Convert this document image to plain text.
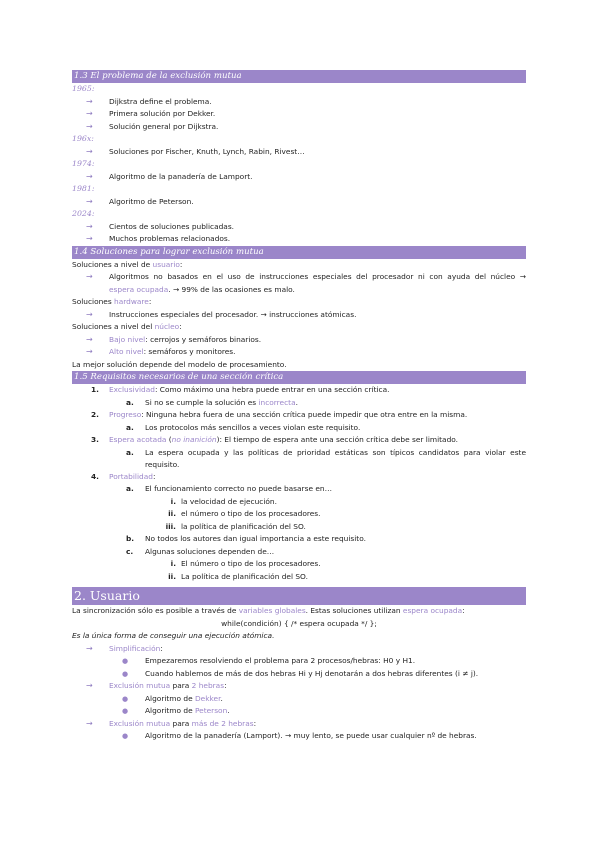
1.3 El problema de la exclusión mutua
1965:
→	Dijkstra define el problema.
→	Primera solución por Dekker.
→	Solución general por Dijkstra.
196x:
→	Soluciones por Fischer, Knuth, Lynch, Rabin, Rivest…
1974:
→	Algoritmo de la panadería de Lamport.
1981:
→	Algoritmo de Peterson.
2024:
→	Cientos de soluciones publicadas.
→	Muchos problemas relacionados.
1.4 Soluciones para lograr exclusión mutua
Soluciones a nivel de usuario:
→	Algoritmos no basados en el uso de instrucciones especiales del procesador ni con ayuda del núcleo →
espera ocupada. → 99% de las ocasiones es malo.
Soluciones hardware:
→	Instrucciones especiales del procesador. → instrucciones atómicas.
Soluciones a nivel del núcleo:
→	Bajo nivel: cerrojos y semáforos binarios.
→	Alto nivel: semáforos y monitores.
La mejor solución depende del modelo de procesamiento.
1.5 Requisitos necesarios de una sección crítica
1.	Exclusividad: Como máximo una hebra puede entrar en una sección crítica.
a.	Si no se cumple la solución es incorrecta.
2.	Progreso: Ninguna hebra fuera de una sección crítica puede impedir que otra entre en la misma.
a.	Los protocolos más sencillos a veces violan este requisito.
3.	Espera acotada (no inanición): El tiempo de espera ante una sección crítica debe ser limitado.
a.	La espera ocupada y las políticas de prioridad estáticas son típicos candidatos para violar este requisito.
4.	Portabilidad:
a.	El funcionamiento correcto no puede basarse en…
i. la velocidad de ejecución.
ii. el número o tipo de los procesadores.
iii. la política de planificación del SO.
b.	No todos los autores dan igual importancia a este requisito.
c.	Algunas soluciones dependen de…
i. El número o tipo de los procesadores.
ii. La política de planificación del SO.
2. Usuario
La sincronización sólo es posible a través de variables globales. Estas soluciones utilizan espera ocupada:
while(condición) { /* espera ocupada */ };
Es la única forma de conseguir una ejecución atómica.
→	Simplificación:
●	Empezaremos resolviendo el problema para 2 procesos/hebras: H0 y H1.
●	Cuando hablemos de más de dos hebras Hi y Hj denotarán a dos hebras diferentes (i ≠ j).
→	Exclusión mutua para 2 hebras:
●	Algoritmo de Dekker.
●	Algoritmo de Peterson.
→	Exclusión mutua para más de 2 hebras:
●	Algoritmo de la panadería (Lamport). → muy lento, se puede usar cualquier nº de hebras.
